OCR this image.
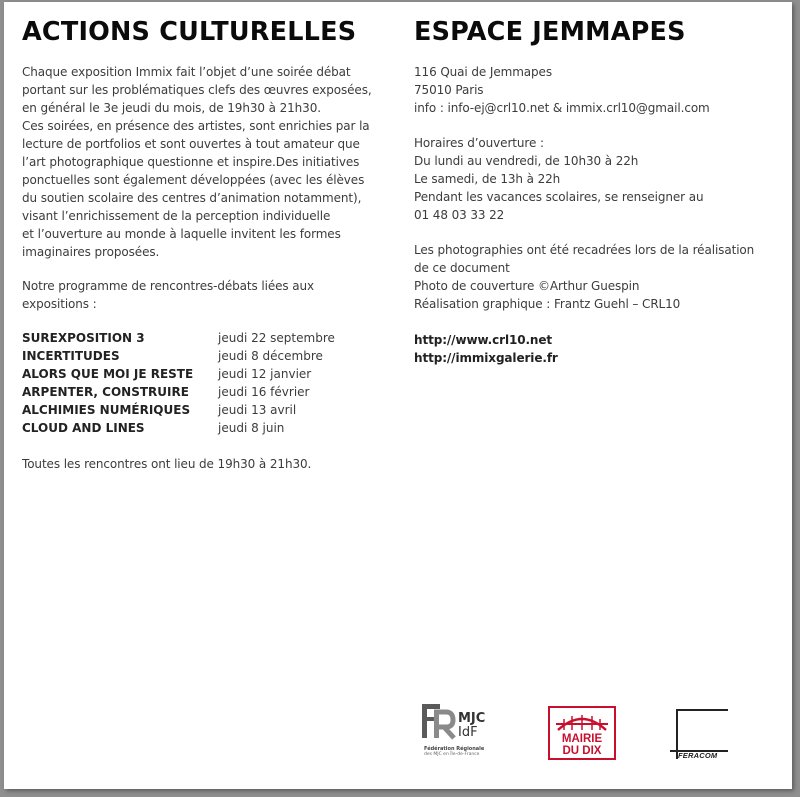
ACTIONS CULTURELLES
Chaque exposition Immix fait l’objet d’une soirée débat
portant sur les problématiques clefs des œuvres exposées,
en général le 3e jeudi du mois, de 19h30 à 21h30.
Ces soirées, en présence des artistes, sont enrichies par la
lecture de portfolios et sont ouvertes à tout amateur que
l’art photographique questionne et inspire.Des initiatives
ponctuelles sont également développées (avec les élèves
du soutien scolaire des centres d’animation notamment),
visant l’enrichissement de la perception individuelle
et l’ouverture au monde à laquelle invitent les formes
imaginaires proposées.
Notre programme de rencontres-débats liées aux
expositions :
SUREXPOSITION 3	jeudi 22 septembre
INCERTITUDES	jeudi 8 décembre
ALORS QUE MOI JE RESTE jeudi 12 janvier
ARPENTER, CONSTRUIRE jeudi 16 février
ALCHIMIES NUMÉRIQUES jeudi 13 avril
CLOUD AND LINES	jeudi 8 juin
Toutes les rencontres ont lieu de 19h30 à 21h30.
ESPACE JEMMAPES
116 Quai de Jemmapes
75010 Paris
info : info-ej@crl10.net & immix.crl10@gmail.com
Horaires d’ouverture :
Du lundi au vendredi, de 10h30 à 22h
Le samedi, de 13h à 22h
Pendant les vacances scolaires, se renseigner au
01 48 03 33 22
Les photographies ont été recadrées lors de la réalisation
de ce document
Photo de couverture ©Arthur Guespin
Réalisation graphique : Frantz Guehl – CRL10
http://www.crl10.net
http://immixgalerie.fr
MJC
IdF
Fédération Régionale
des MJC en Île-de-France
MAIRIE
DU DIX	FERACOM
